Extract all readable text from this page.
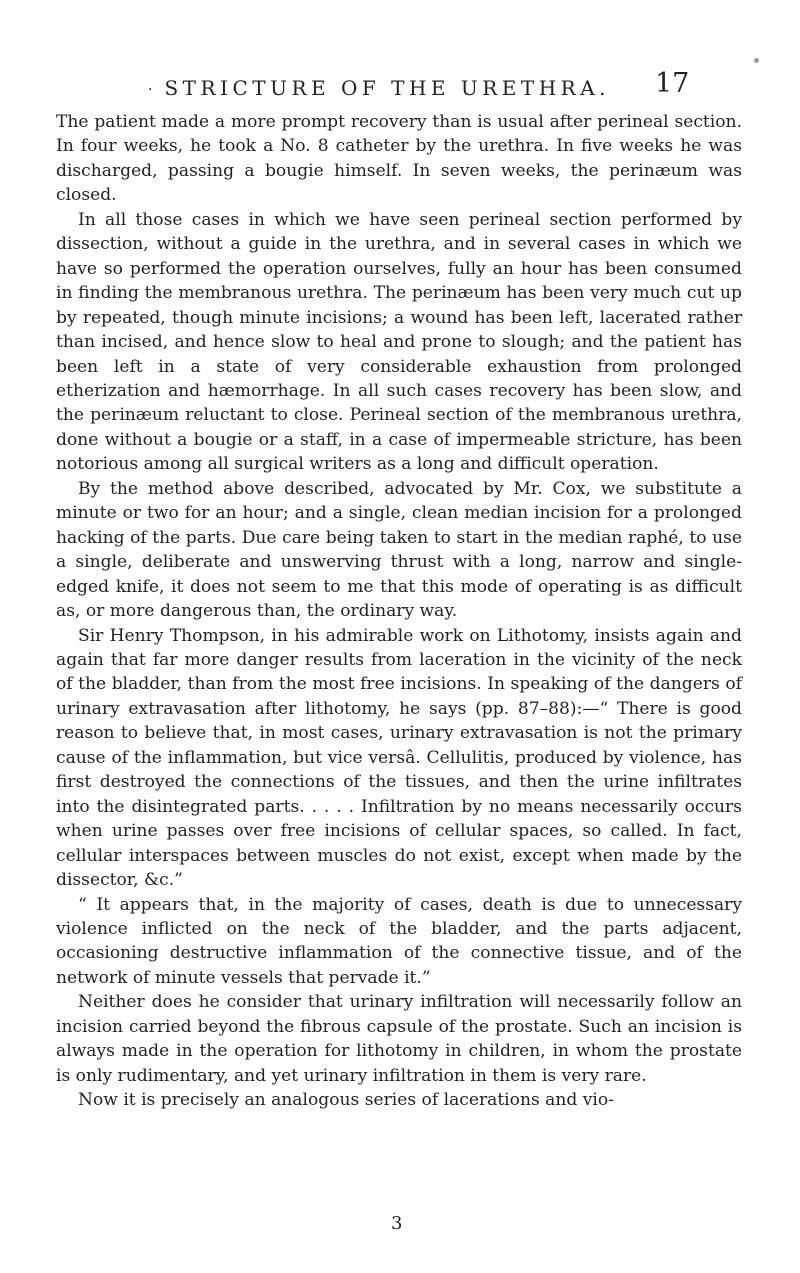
· STRICTURE OF THE URETHRA.	17

The patient made a more prompt recovery than is usual after perineal section. In four weeks, he took a No. 8 catheter by the urethra. In five weeks he was discharged, passing a bougie himself. In seven weeks, the perinæum was closed.

In all those cases in which we have seen perineal section performed by dissection, without a guide in the urethra, and in several cases in which we have so performed the operation ourselves, fully an hour has been consumed in finding the membranous urethra. The perinæum has been very much cut up by repeated, though minute incisions; a wound has been left, lacerated rather than incised, and hence slow to heal and prone to slough; and the patient has been left in a state of very considerable exhaustion from prolonged etherization and hæmorrhage. In all such cases recovery has been slow, and the perinæum reluctant to close. Perineal section of the membranous urethra, done without a bougie or a staff, in a case of impermeable stricture, has been notorious among all surgical writers as a long and difficult operation.

By the method above described, advocated by Mr. Cox, we substitute a minute or two for an hour; and a single, clean median incision for a prolonged hacking of the parts. Due care being taken to start in the median raphé, to use a single, deliberate and unswerving thrust with a long, narrow and single-edged knife, it does not seem to me that this mode of operating is as difficult as, or more dangerous than, the ordinary way.

Sir Henry Thompson, in his admirable work on Lithotomy, insists again and again that far more danger results from laceration in the vicinity of the neck of the bladder, than from the most free incisions. In speaking of the dangers of urinary extravasation after lithotomy, he says (pp. 87–88):—“ There is good reason to believe that, in most cases, urinary extravasation is not the primary cause of the inflammation, but vice versâ. Cellulitis, produced by violence, has first destroyed the connections of the tissues, and then the urine infiltrates into the disintegrated parts. . . . . Infiltration by no means necessarily occurs when urine passes over free incisions of cellular spaces, so called. In fact, cellular interspaces between muscles do not exist, except when made by the dissector, &c.”

“ It appears that, in the majority of cases, death is due to unnecessary violence inflicted on the neck of the bladder, and the parts adjacent, occasioning destructive inflammation of the connective tissue, and of the network of minute vessels that pervade it.”

Neither does he consider that urinary infiltration will necessarily follow an incision carried beyond the fibrous capsule of the prostate. Such an incision is always made in the operation for lithotomy in children, in whom the prostate is only rudimentary, and yet urinary infiltration in them is very rare.

Now it is precisely an analogous series of lacerations and vio-

3
